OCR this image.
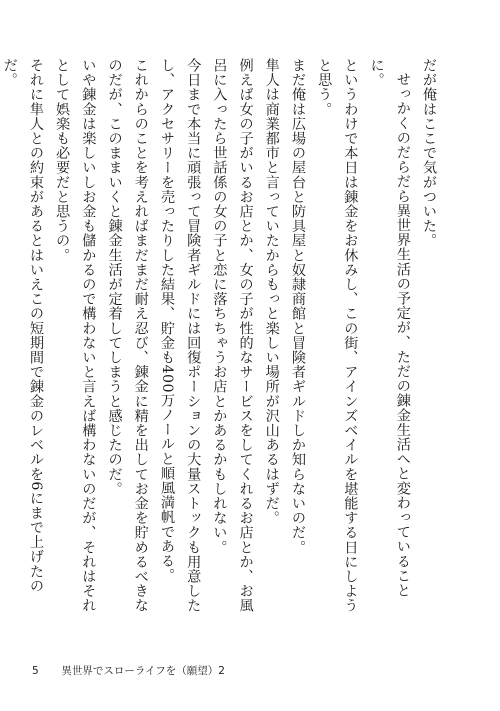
だが俺はここで気がついた。

せっかくのだらだら異世界生活の予定が、ただの錬金生活へと変わっていることに。

というわけで本日は錬金をお休みし、この街、アインズベイルを堪能する日にしようと思う。

まだ俺は広場の屋台と防具屋と奴隷商館と冒険者ギルドしか知らないのだ。

隼人は商業都市と言っていたからもっと楽しい場所が沢山あるはずだ。

例えば女の子がいるお店とか、女の子が性的なサービスをしてくれるお店とか、お風呂に入ったら世話係の女の子と恋に落ちちゃうお店とかあるかもしれない。

今日まで本当に頑張って冒険者ギルドには回復ポーションの大量ストックも用意したし、アクセサリーを売ったりした結果、貯金も400万ノールと順風満帆である。

これからのことを考えればまだまだ耐え忍び、錬金に精を出してお金を貯めるべきなのだが、このままいくと錬金生活が定着してしまうと感じたのだ。

いや錬金は楽しいしお金も儲かるので構わないと言えば構わないのだが、それはそれとして娯楽も必要だと思うの。

それに隼人との約束があるとはいえこの短期間で錬金のレベルを6にまで上げたのだ。

5 異世界でスローライフを（願望）2
